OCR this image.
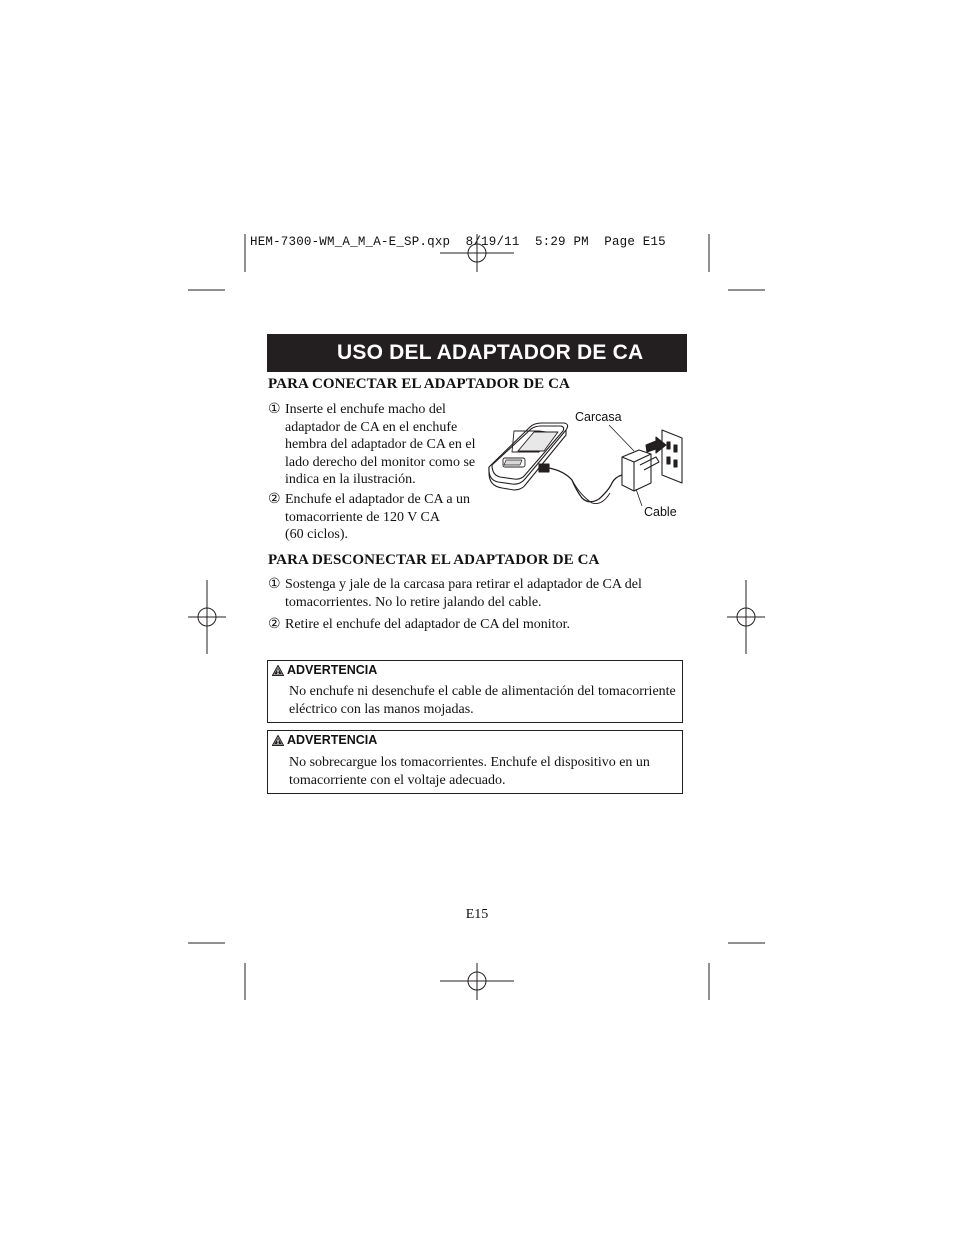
HEM-7300-WM_A_M_A-E_SP.qxp  8/19/11  5:29 PM  Page E15
USO DEL ADAPTADOR DE CA
PARA CONECTAR EL ADAPTADOR DE CA
① Inserte el enchufe macho del
adaptador de CA en el enchufe
hembra del adaptador de CA en el
lado derecho del monitor como se
indica en la ilustración.
② Enchufe el adaptador de CA a un
tomacorriente de 120 V CA
(60 ciclos).
Carcasa
Cable
PARA DESCONECTAR EL ADAPTADOR DE CA
① Sostenga y jale de la carcasa para retirar el adaptador de CA del
tomacorrientes. No lo retire jalando del cable.
② Retire el enchufe del adaptador de CA del monitor.
ADVERTENCIA
No enchufe ni desenchufe el cable de alimentación del tomacorriente
eléctrico con las manos mojadas.
ADVERTENCIA
No sobrecargue los tomacorrientes. Enchufe el dispositivo en un
tomacorriente con el voltaje adecuado.
E15
